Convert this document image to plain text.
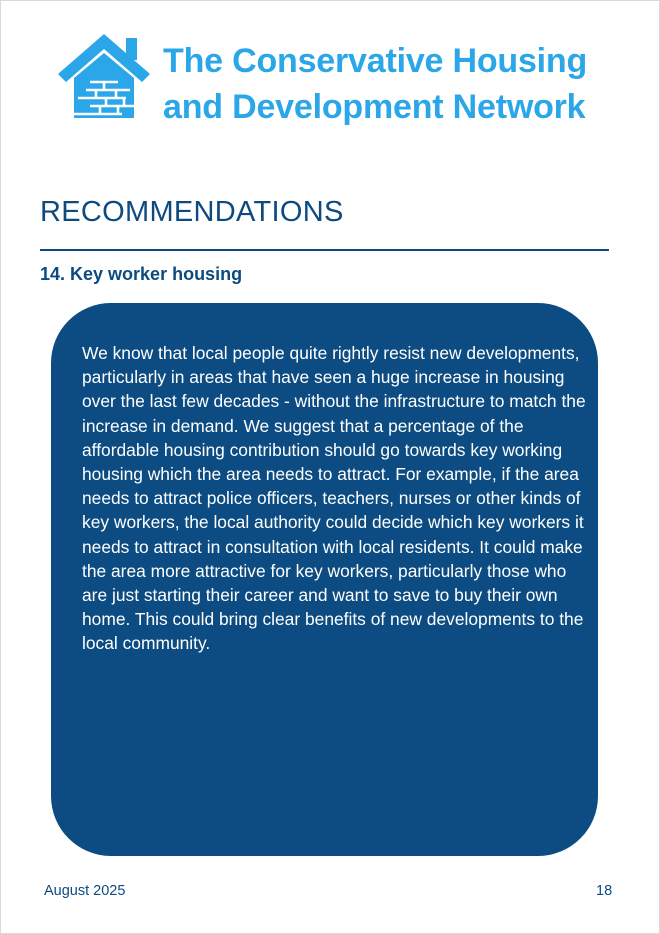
The Conservative Housing
and Development Network
RECOMMENDATIONS
14. Key worker housing

We know that local people quite rightly resist new developments, particularly in areas that have seen a huge increase in housing over the last few decades - without the infrastructure to match the increase in demand. We suggest that a percentage of the affordable housing contribution should go towards key working housing which the area needs to attract. For example, if the area needs to attract police officers, teachers, nurses or other kinds of key workers, the local authority could decide which key workers it needs to attract in consultation with local residents. It could make the area more attractive for key workers, particularly those who are just starting their career and want to save to buy their own home. This could bring clear benefits of new developments to the local community.

August 2025	18
